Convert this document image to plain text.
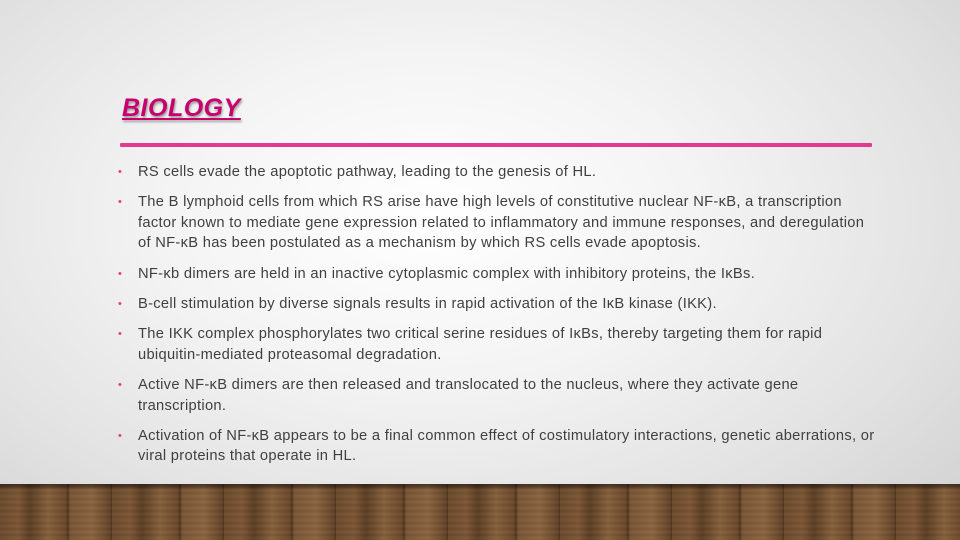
BIOLOGY
• RS cells evade the apoptotic pathway, leading to the genesis of HL.
• The B lymphoid cells from which RS arise have high levels of constitutive nuclear NF-κB, a transcription factor known to mediate gene expression related to inflammatory and immune responses, and deregulation of NF-κB has been postulated as a mechanism by which RS cells evade apoptosis.
• NF-κb dimers are held in an inactive cytoplasmic complex with inhibitory proteins, the IκBs.
• B-cell stimulation by diverse signals results in rapid activation of the IκB kinase (IKK).
• The IKK complex phosphorylates two critical serine residues of IκBs, thereby targeting them for rapid ubiquitin-mediated proteasomal degradation.
• Active NF-κB dimers are then released and translocated to the nucleus, where they activate gene transcription.
• Activation of NF-κB appears to be a final common effect of costimulatory interactions, genetic aberrations, or viral proteins that operate in HL.
